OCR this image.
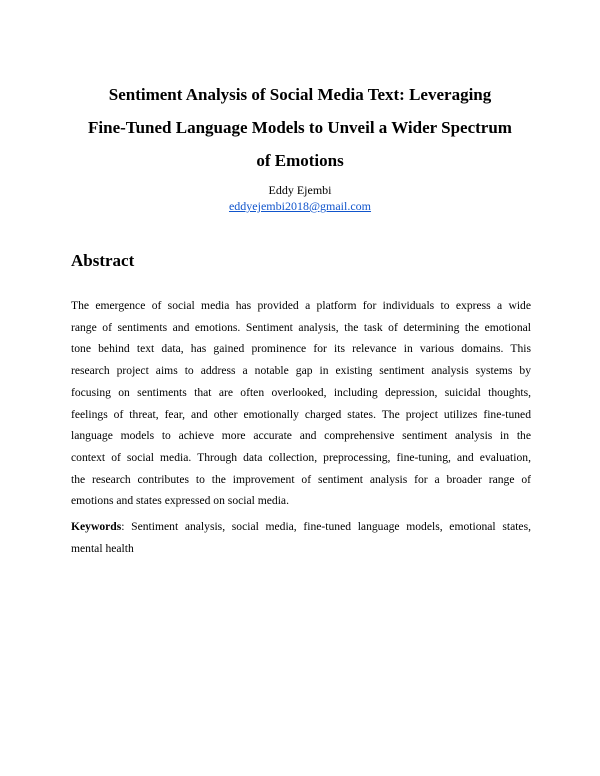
Sentiment Analysis of Social Media Text: Leveraging
Fine-Tuned Language Models to Unveil a Wider Spectrum
of Emotions
Eddy Ejembi
eddyejembi2018@gmail.com
Abstract
The emergence of social media has provided a platform for individuals to express a wide
range of sentiments and emotions. Sentiment analysis, the task of determining the emotional
tone behind text data, has gained prominence for its relevance in various domains. This
research project aims to address a notable gap in existing sentiment analysis systems by
focusing on sentiments that are often overlooked, including depression, suicidal thoughts,
feelings of threat, fear, and other emotionally charged states. The project utilizes fine-tuned
language models to achieve more accurate and comprehensive sentiment analysis in the
context of social media. Through data collection, preprocessing, fine-tuning, and evaluation,
the research contributes to the improvement of sentiment analysis for a broader range of
emotions and states expressed on social media.
Keywords: Sentiment analysis, social media, fine-tuned language models, emotional states,
mental health
